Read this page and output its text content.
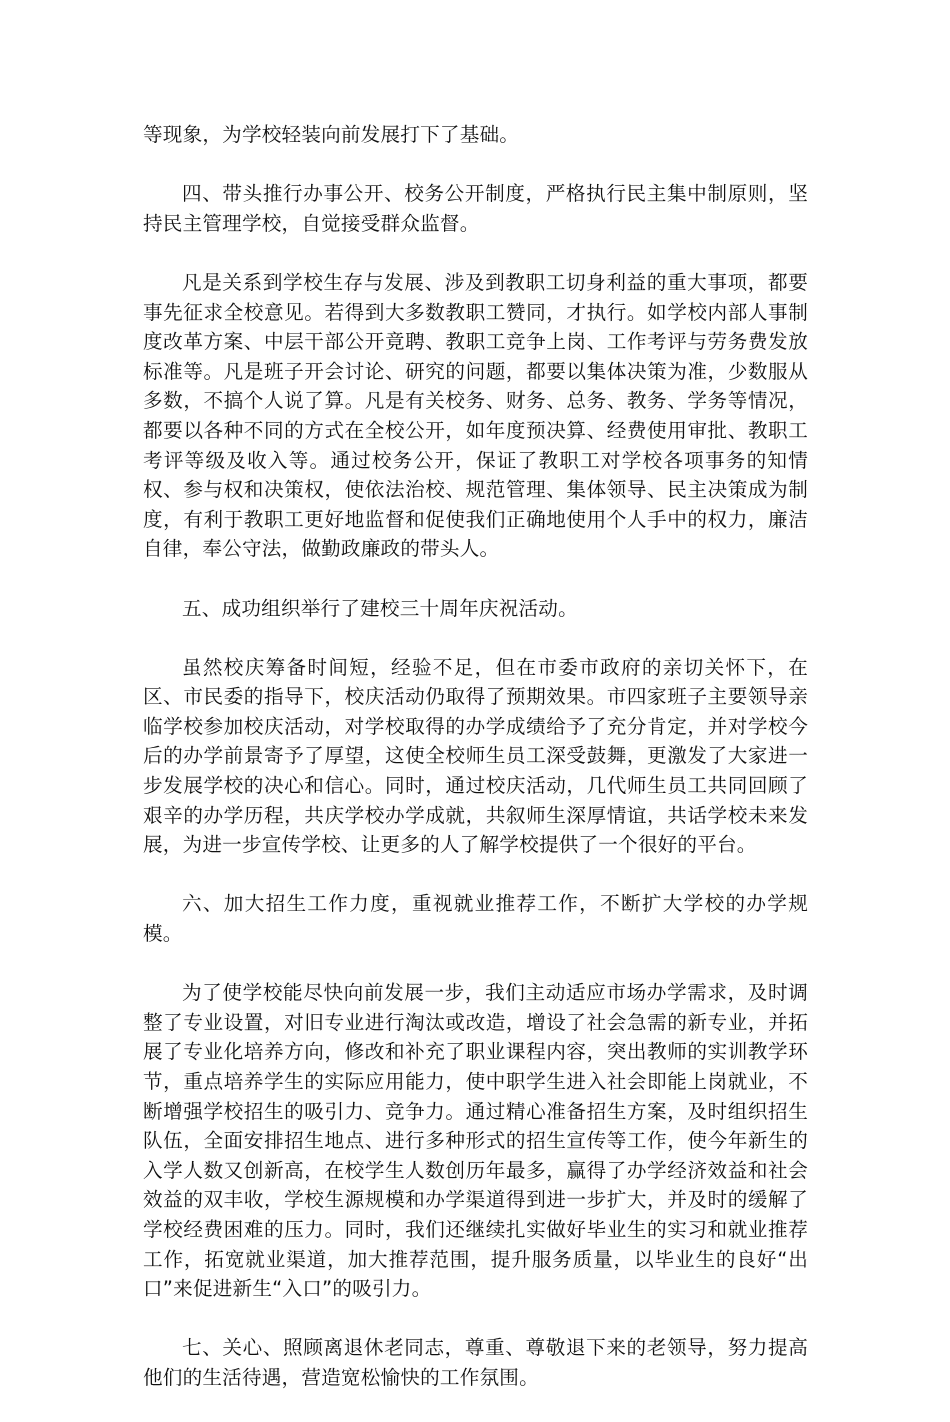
等现象，为学校轻装向前发展打下了基础。

四、带头推行办事公开、校务公开制度，严格执行民主集中制原则，坚持民主管理学校，自觉接受群众监督。

凡是关系到学校生存与发展、涉及到教职工切身利益的重大事项，都要事先征求全校意见。若得到大多数教职工赞同，才执行。如学校内部人事制度改革方案、中层干部公开竟聘、教职工竞争上岗、工作考评与劳务费发放标准等。凡是班子开会讨论、研究的问题，都要以集体决策为准，少数服从多数，不搞个人说了算。凡是有关校务、财务、总务、教务、学务等情况，都要以各种不同的方式在全校公开，如年度预决算、经费使用审批、教职工考评等级及收入等。通过校务公开，保证了教职工对学校各项事务的知情权、参与权和决策权，使依法治校、规范管理、集体领导、民主决策成为制度，有利于教职工更好地监督和促使我们正确地使用个人手中的权力，廉洁自律，奉公守法，做勤政廉政的带头人。

五、成功组织举行了建校三十周年庆祝活动。

虽然校庆筹备时间短，经验不足，但在市委市政府的亲切关怀下，在区、市民委的指导下，校庆活动仍取得了预期效果。市四家班子主要领导亲临学校参加校庆活动，对学校取得的办学成绩给予了充分肯定，并对学校今后的办学前景寄予了厚望，这使全校师生员工深受鼓舞，更激发了大家进一步发展学校的决心和信心。同时，通过校庆活动，几代师生员工共同回顾了艰辛的办学历程，共庆学校办学成就，共叙师生深厚情谊，共话学校未来发展，为进一步宣传学校、让更多的人了解学校提供了一个很好的平台。

六、加大招生工作力度，重视就业推荐工作，不断扩大学校的办学规模。

为了使学校能尽快向前发展一步，我们主动适应市场办学需求，及时调整了专业设置，对旧专业进行淘汰或改造，增设了社会急需的新专业，并拓展了专业化培养方向，修改和补充了职业课程内容，突出教师的实训教学环节，重点培养学生的实际应用能力，使中职学生进入社会即能上岗就业，不断增强学校招生的吸引力、竞争力。通过精心准备招生方案，及时组织招生队伍，全面安排招生地点、进行多种形式的招生宣传等工作，使今年新生的入学人数又创新高，在校学生人数创历年最多，赢得了办学经济效益和社会效益的双丰收，学校生源规模和办学渠道得到进一步扩大，并及时的缓解了学校经费困难的压力。同时，我们还继续扎实做好毕业生的实习和就业推荐工作，拓宽就业渠道，加大推荐范围，提升服务质量，以毕业生的良好“出口”来促进新生“入口”的吸引力。

七、关心、照顾离退休老同志，尊重、尊敬退下来的老领导，努力提高他们的生活待遇，营造宽松愉快的工作氛围。
